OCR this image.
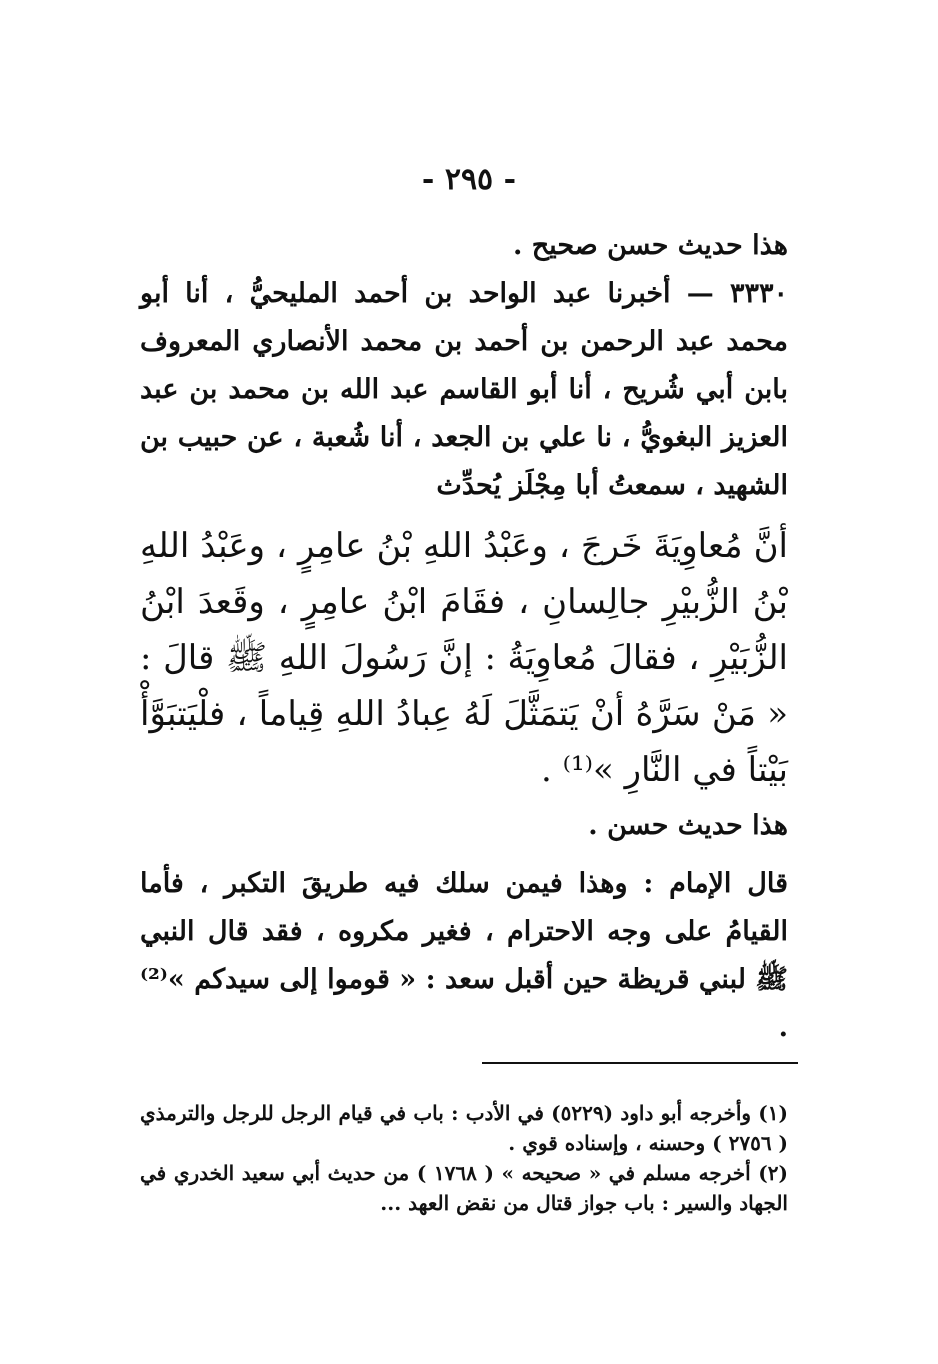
- ٢٩٥ -

هذا حديث حسن صحيح .

٣٣٣٠ — أخبرنا عبد الواحد بن أحمد المليحيُّ ، أنا أبو محمد عبد الرحمن بن أحمد بن محمد الأنصاري المعروف بابن أبي شُريح ، أنا أبو القاسم عبد الله بن محمد بن عبد العزيز البغويُّ ، نا علي بن الجعد ، أنا شُعبة ، عن حبيب بن الشهيد ، سمعتُ أبا مِجْلَز يُحدِّث

أنَّ مُعاوِيَةَ خَرجَ ، وعَبْدُ اللهِ بْنُ عامِرٍ ، وعَبْدُ اللهِ بْنُ الزُّبيْرِ جالِسانِ ، فقَامَ ابْنُ عامِرٍ ، وقَعدَ ابْنُ الزُّبَيْرِ ، فقالَ مُعاوِيَةُ : إنَّ رَسُولَ اللهِ ﷺ قالَ : « مَنْ سَرَّهُ أنْ يَتمَثَّلَ لَهُ عِبادُ اللهِ قِياماً ، فلْيَتبَوَّأْ بَيْتاً في النَّارِ »⁽¹⁾ .

هذا حديث حسن .

قال الإمام : وهذا فيمن سلك فيه طريقَ التكبر ، فأما القيامُ على وجه الاحترام ، فغير مكروه ، فقد قال النبي ﷺ لبني قريظة حين أقبل سعد : « قوموا إلى سيدكم »⁽²⁾ .

(١) وأخرجه أبو داود (٥٢٢٩) في الأدب : باب في قيام الرجل للرجل والترمذي ( ٢٧٥٦ ) وحسنه ، وإسناده قوي .

(٢) أخرجه مسلم في « صحيحه » ( ١٧٦٨ ) من حديث أبي سعيد الخدري في الجهاد والسير : باب جواز قتال من نقض العهد ...
